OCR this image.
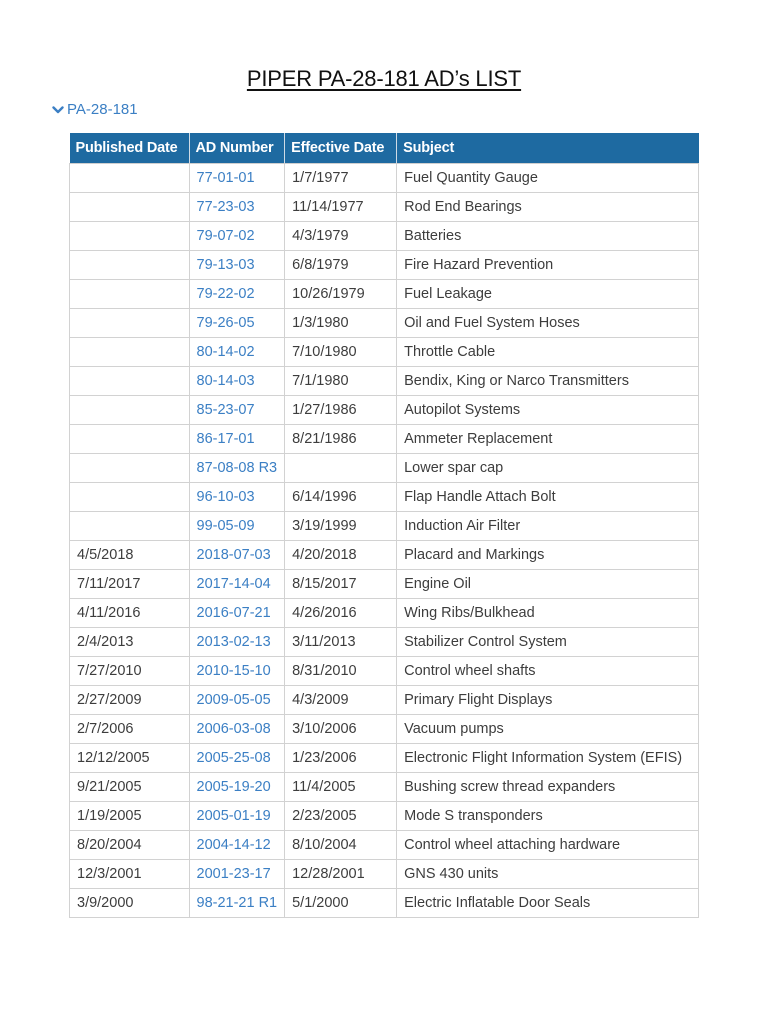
PIPER PA-28-181 AD’s LIST
PA-28-181
Published Date	AD Number	Effective Date	Subject
	77-01-01	1/7/1977	Fuel Quantity Gauge
	77-23-03	11/14/1977	Rod End Bearings
	79-07-02	4/3/1979	Batteries
	79-13-03	6/8/1979	Fire Hazard Prevention
	79-22-02	10/26/1979	Fuel Leakage
	79-26-05	1/3/1980	Oil and Fuel System Hoses
	80-14-02	7/10/1980	Throttle Cable
	80-14-03	7/1/1980	Bendix, King or Narco Transmitters
	85-23-07	1/27/1986	Autopilot Systems
	86-17-01	8/21/1986	Ammeter Replacement
	87-08-08 R3		Lower spar cap
	96-10-03	6/14/1996	Flap Handle Attach Bolt
	99-05-09	3/19/1999	Induction Air Filter
4/5/2018	2018-07-03	4/20/2018	Placard and Markings
7/11/2017	2017-14-04	8/15/2017	Engine Oil
4/11/2016	2016-07-21	4/26/2016	Wing Ribs/Bulkhead
2/4/2013	2013-02-13	3/11/2013	Stabilizer Control System
7/27/2010	2010-15-10	8/31/2010	Control wheel shafts
2/27/2009	2009-05-05	4/3/2009	Primary Flight Displays
2/7/2006	2006-03-08	3/10/2006	Vacuum pumps
12/12/2005	2005-25-08	1/23/2006	Electronic Flight Information System (EFIS)
9/21/2005	2005-19-20	11/4/2005	Bushing screw thread expanders
1/19/2005	2005-01-19	2/23/2005	Mode S transponders
8/20/2004	2004-14-12	8/10/2004	Control wheel attaching hardware
12/3/2001	2001-23-17	12/28/2001	GNS 430 units
3/9/2000	98-21-21 R1	5/1/2000	Electric Inflatable Door Seals
